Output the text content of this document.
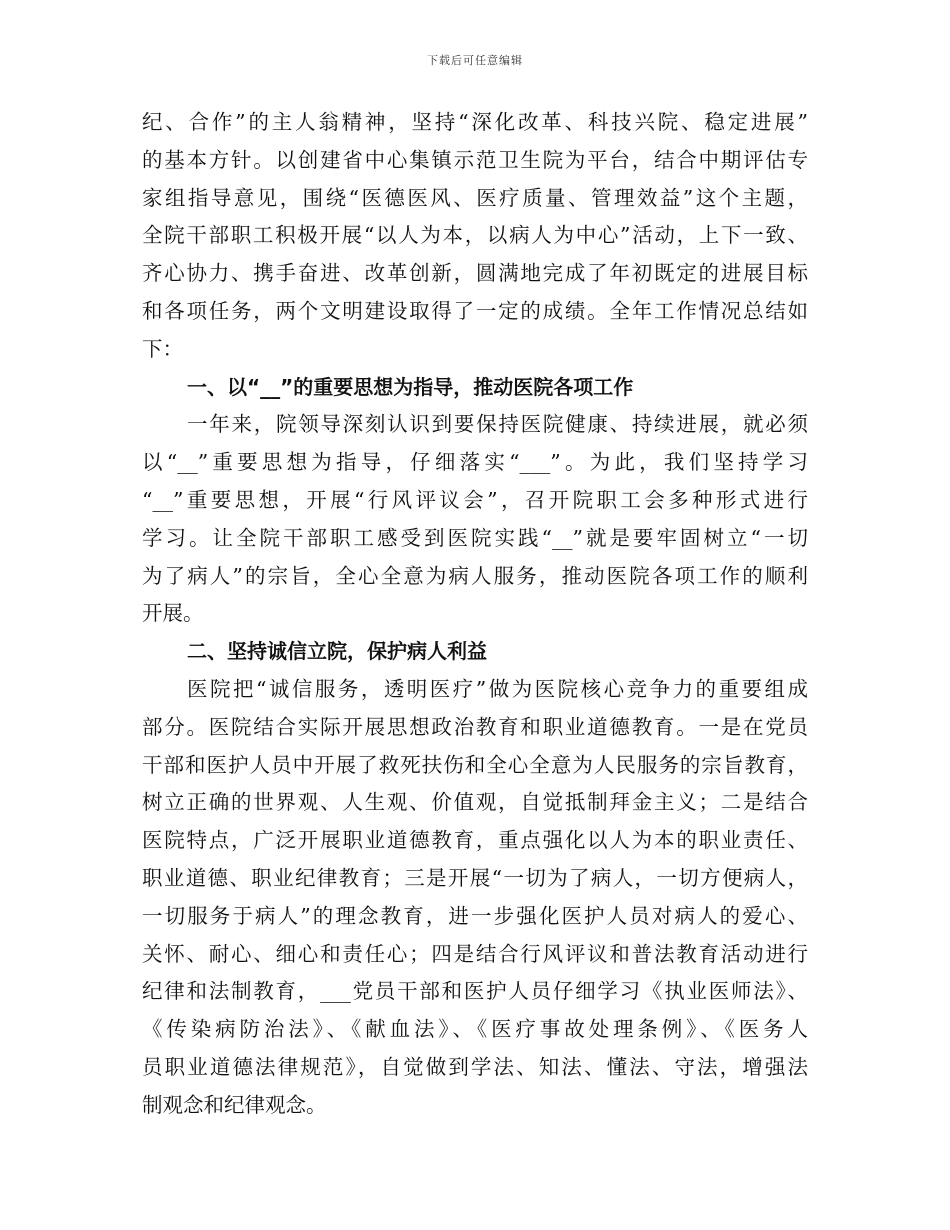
下载后可任意编辑
纪、合作”的主人翁精神，坚持“深化改革、科技兴院、稳定进展”
的基本方针。以创建省中心集镇示范卫生院为平台，结合中期评估专
家组指导意见，围绕“医德医风、医疗质量、管理效益”这个主题，
全院干部职工积极开展“以人为本，以病人为中心”活动，上下一致、
齐心协力、携手奋进、改革创新，圆满地完成了年初既定的进展目标
和各项任务，两个文明建设取得了一定的成绩。全年工作情况总结如
下：
一、以“__”的重要思想为指导，推动医院各项工作
一年来，院领导深刻认识到要保持医院健康、持续进展，就必须
以“__”重要思想为指导，仔细落实“___”。为此，我们坚持学习
“__”重要思想，开展“行风评议会”，召开院职工会多种形式进行
学习。让全院干部职工感受到医院实践“__”就是要牢固树立“一切
为了病人”的宗旨，全心全意为病人服务，推动医院各项工作的顺利
开展。
二、坚持诚信立院，保护病人利益
医院把“诚信服务，透明医疗”做为医院核心竞争力的重要组成
部分。医院结合实际开展思想政治教育和职业道德教育。一是在党员
干部和医护人员中开展了救死扶伤和全心全意为人民服务的宗旨教育，
树立正确的世界观、人生观、价值观，自觉抵制拜金主义；二是结合
医院特点，广泛开展职业道德教育，重点强化以人为本的职业责任、
职业道德、职业纪律教育；三是开展“一切为了病人，一切方便病人，
一切服务于病人”的理念教育，进一步强化医护人员对病人的爱心、
关怀、耐心、细心和责任心；四是结合行风评议和普法教育活动进行
纪律和法制教育，___党员干部和医护人员仔细学习《执业医师法》、
《传染病防治法》、《献血法》、《医疗事故处理条例》、《医务人
员职业道德法律规范》，自觉做到学法、知法、懂法、守法，增强法
制观念和纪律观念。
